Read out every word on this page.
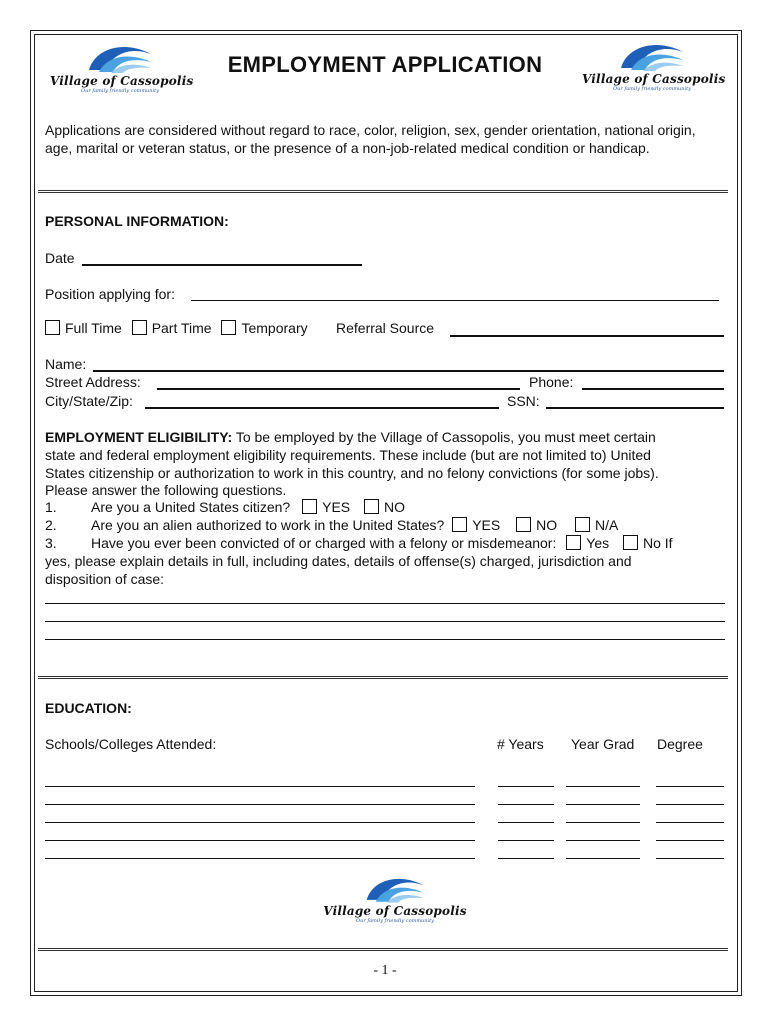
Village of Cassopolis
Our family friendly community
EMPLOYMENT APPLICATION
Village of Cassopolis
Our family friendly community
Applications are considered without regard to race, color, religion, sex, gender orientation, national origin, age, marital or veteran status, or the presence of a non-job-related medical condition or handicap.
PERSONAL INFORMATION:
Date
Position applying for:
Full Time Part Time Temporary Referral Source
Name:
Street Address:	Phone:
City/State/Zip:	SSN:
EMPLOYMENT ELIGIBILITY: To be employed by the Village of Cassopolis, you must meet certain
state and federal employment eligibility requirements. These include (but are not limited to) United
States citizenship or authorization to work in this country, and no felony convictions (for some jobs).
Please answer the following questions.
1. Are you a United States citizen? YES NO
2. Are you an alien authorized to work in the United States? YES	NO	N/A
3. Have you ever been convicted of or charged with a felony or misdemeanor: Yes No If
yes, please explain details in full, including dates, details of offense(s) charged, jurisdiction and
disposition of case:
EDUCATION:
Schools/Colleges Attended:	# Years Year Grad Degree
Village of Cassopolis
Our family friendly community
- 1 -
